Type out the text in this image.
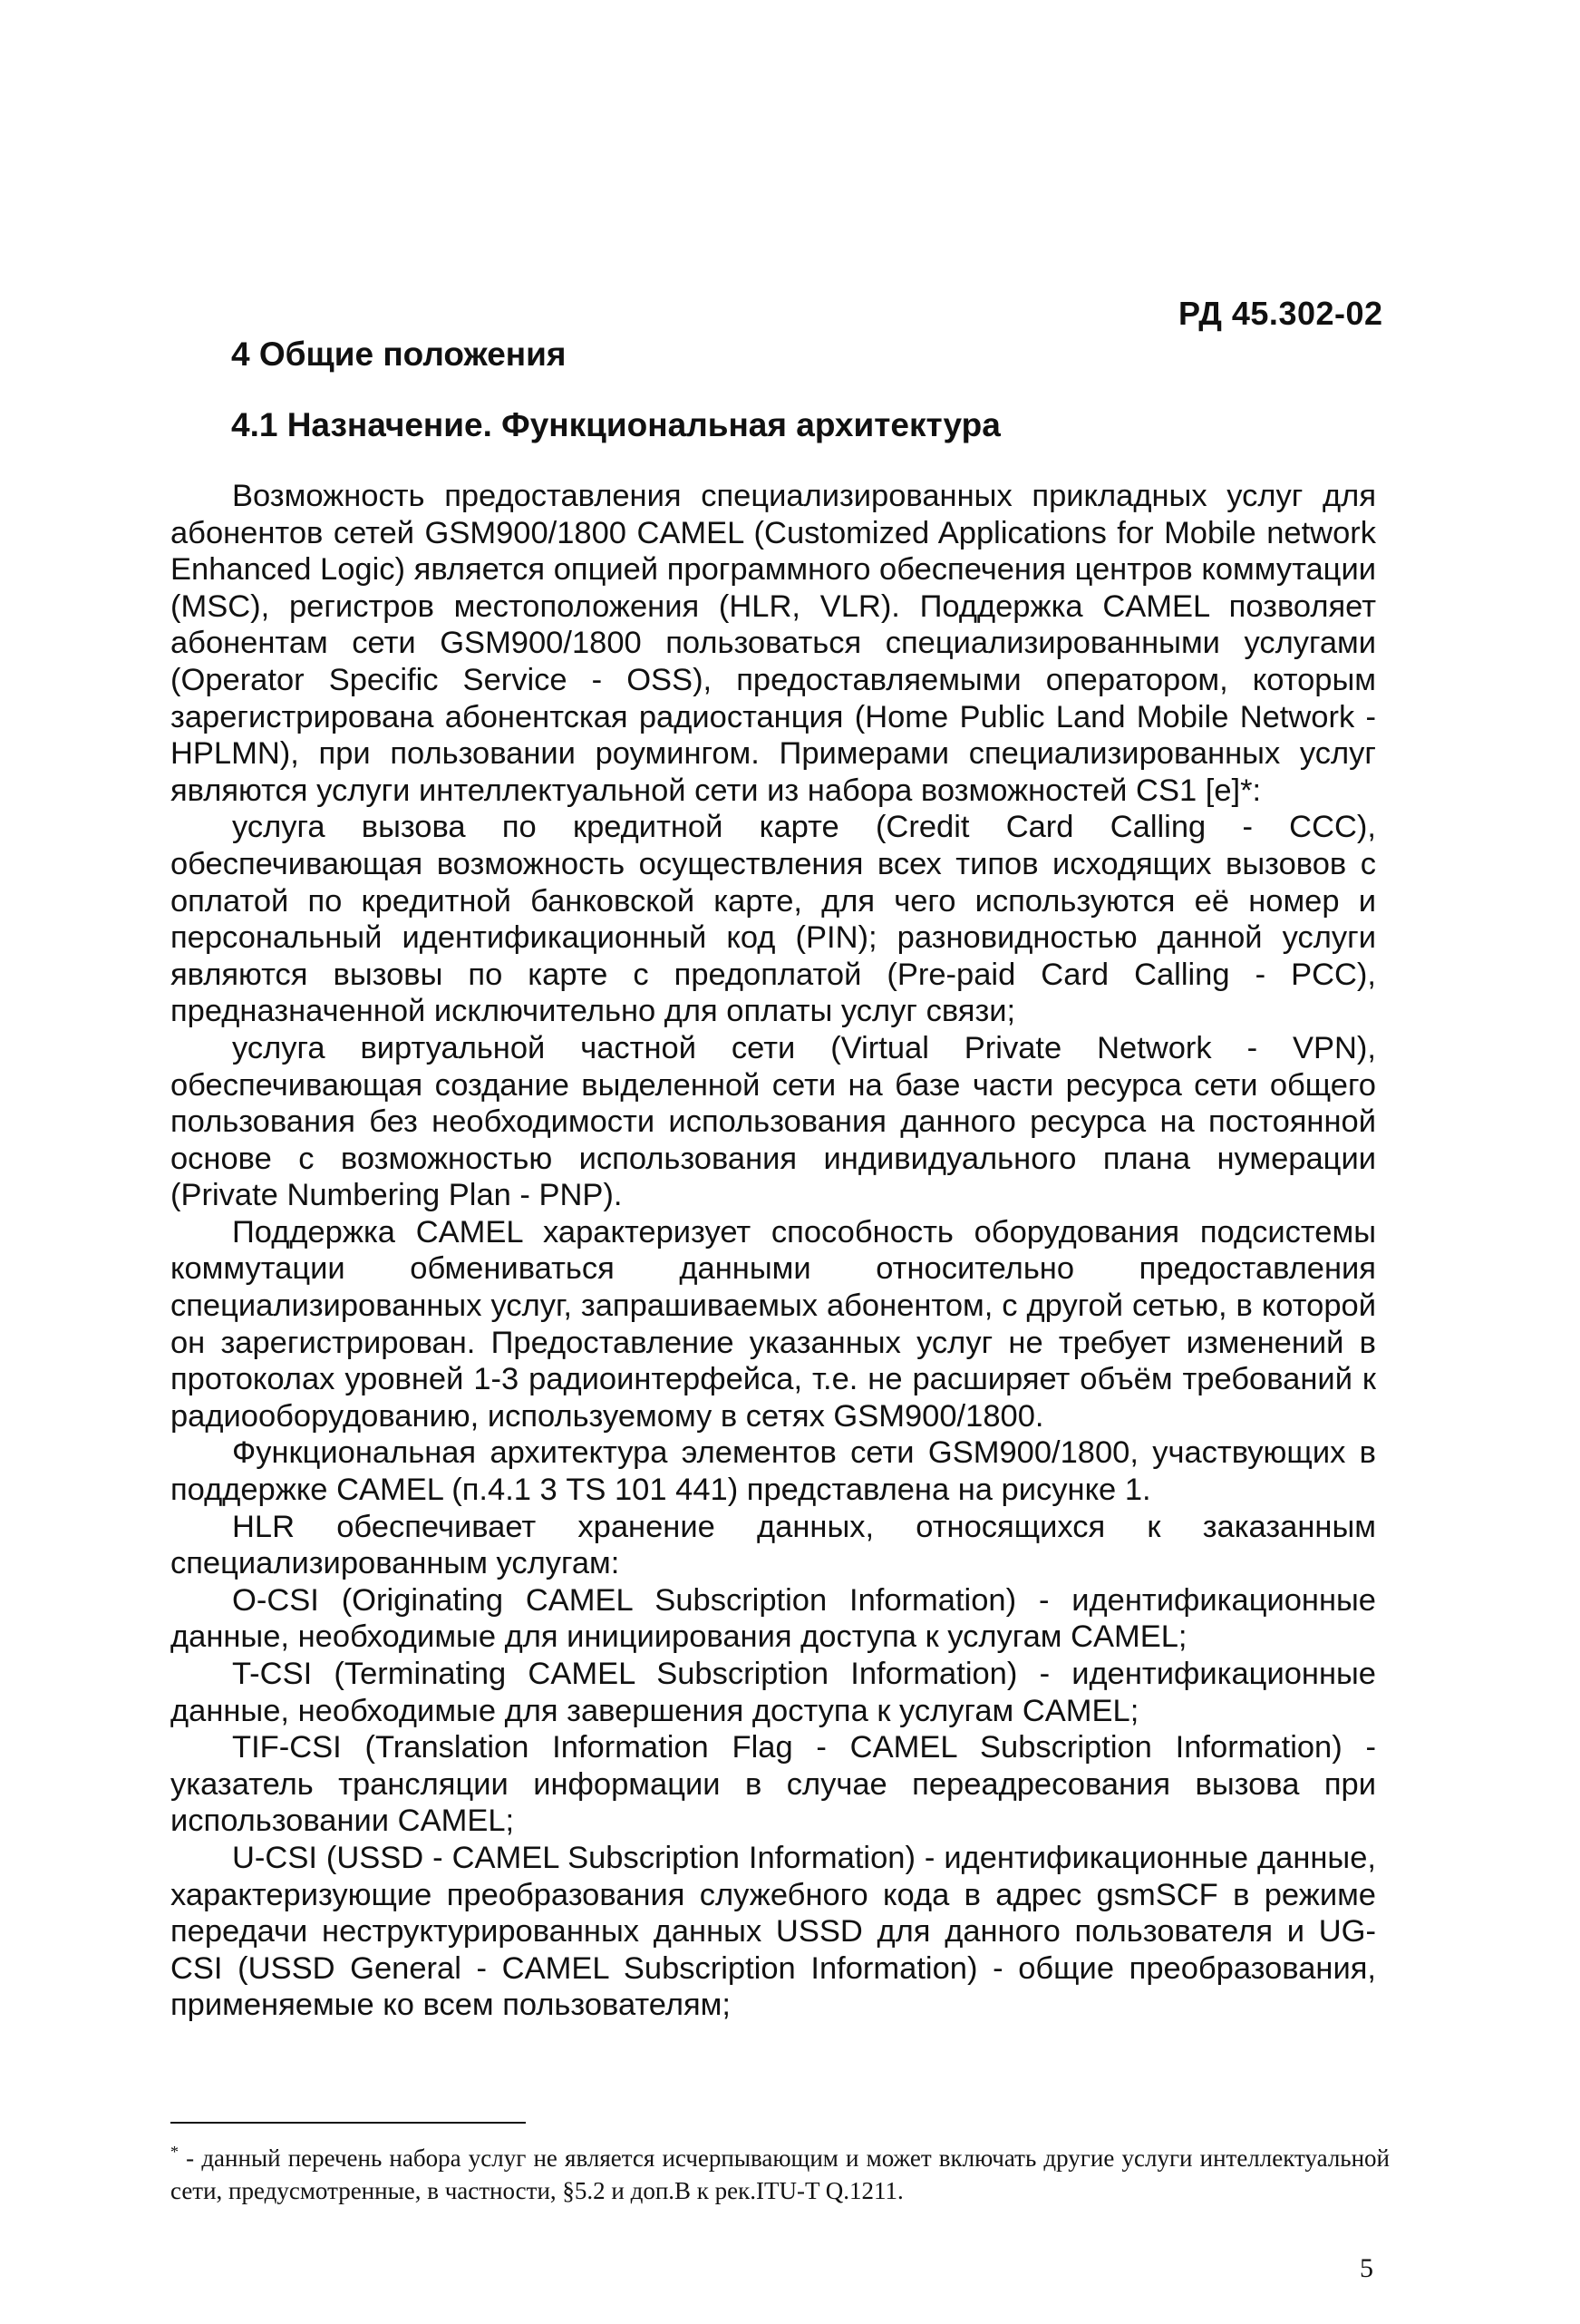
РД 45.302-02
4 Общие положения
4.1 Назначение. Функциональная архитектура

Возможность предоставления специализированных прикладных услуг для абонентов сетей GSM900/1800 CAMEL (Customized Applications for Mobile network Enhanced Logic) является опцией программного обеспечения центров коммутации (MSC), регистров местоположения (HLR, VLR). Поддержка CAMEL позволяет абонентам сети GSM900/1800 пользоваться специализированными услугами (Operator Specific Service - OSS), предоставляемыми оператором, которым зарегистрирована абонентская радиостанция (Home Public Land Mobile Network - HPLMN), при пользовании роумингом. Примерами специализированных услуг являются услуги интеллектуальной сети из набора возможностей CS1 [e]*:

услуга вызова по кредитной карте (Credit Card Calling - CCC), обеспечивающая возможность осуществления всех типов исходящих вызовов с оплатой по кредитной банковской карте, для чего используются её номер и персональный идентификационный код (PIN); разновидностью данной услуги являются вызовы по карте с предоплатой (Pre-paid Card Calling - PCC), предназначенной исключительно для оплаты услуг связи;

услуга виртуальной частной сети (Virtual Private Network - VPN), обеспечивающая создание выделенной сети на базе части ресурса сети общего пользования без необходимости использования данного ресурса на постоянной основе с возможностью использования индивидуального плана нумерации (Private Numbering Plan - PNP).

Поддержка CAMEL характеризует способность оборудования подсистемы коммутации обмениваться данными относительно предоставления специализированных услуг, запрашиваемых абонентом, с другой сетью, в которой он зарегистрирован. Предоставление указанных услуг не требует изменений в протоколах уровней 1-3 радиоинтерфейса, т.е. не расширяет объём требований к радиооборудованию, используемому в сетях GSM900/1800.

Функциональная архитектура элементов сети GSM900/1800, участвующих в поддержке CAMEL (п.4.1 3 TS 101 441) представлена на рисунке 1.

HLR обеспечивает хранение данных, относящихся к заказанным специализированным услугам:

O-CSI (Originating CAMEL Subscription Information) - идентификационные данные, необходимые для инициирования доступа к услугам CAMEL;

T-CSI (Terminating CAMEL Subscription Information) - идентификационные данные, необходимые для завершения доступа к услугам CAMEL;

TIF-CSI (Translation Information Flag - CAMEL Subscription Information) - указатель трансляции информации в случае переадресования вызова при использовании CAMEL;

U-CSI (USSD - CAMEL Subscription Information) - идентификационные данные, характеризующие преобразования служебного кода в адрес gsmSCF в режиме передачи неструктурированных данных USSD для данного пользователя и UG-CSI (USSD General - CAMEL Subscription Information) - общие преобразования, применяемые ко всем пользователям;

* - данный перечень набора услуг не является исчерпывающим и может включать другие услуги интеллектуальной сети, предусмотренные, в частности, §5.2 и доп.В к рек.ITU-T Q.1211.
5
